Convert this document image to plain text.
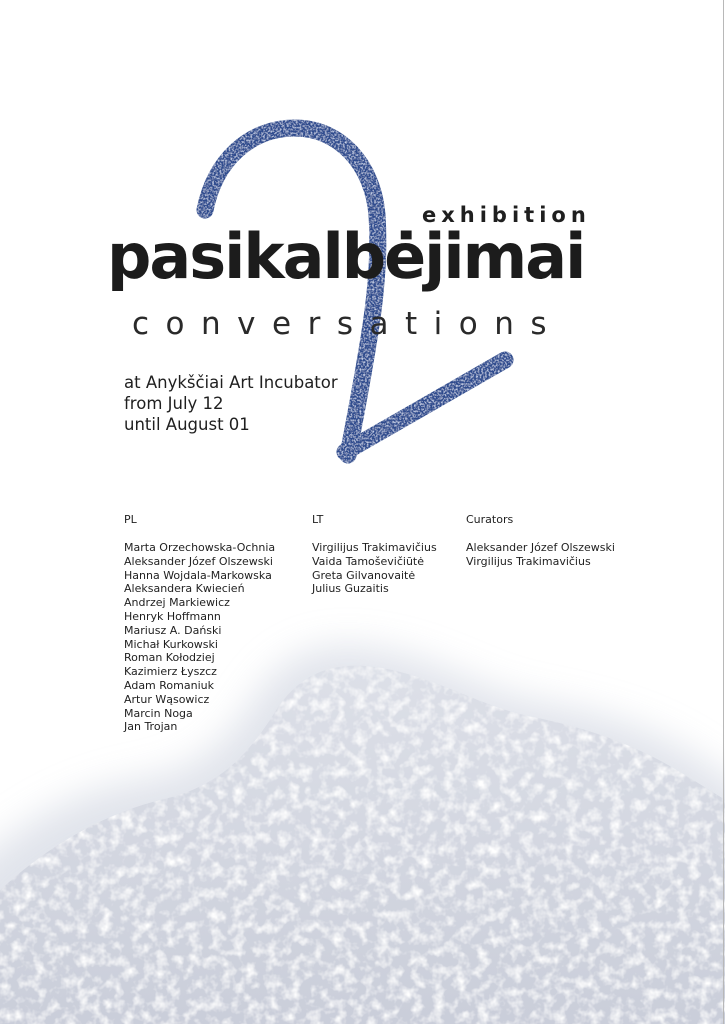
exhibition
pasikalbėjimai
conversations
at Anykščiai Art Incubator
from July 12
until August 01
PL
Marta Orzechowska-Ochnia
Aleksander Józef Olszewski
Hanna Wojdala-Markowska
Aleksandera Kwiecień
Andrzej Markiewicz
Henryk Hoffmann
Mariusz A. Dański
Michał Kurkowski
Roman Kołodziej
Kazimierz Łyszcz
Adam Romaniuk
Artur Wąsowicz
Marcin Noga
Jan Trojan
LT
Virgilijus Trakimavičius
Vaida Tamoševičiūtė
Greta Gilvanovaitė
Julius Guzaitis
Curators
Aleksander Józef Olszewski
Virgilijus Trakimavičius
